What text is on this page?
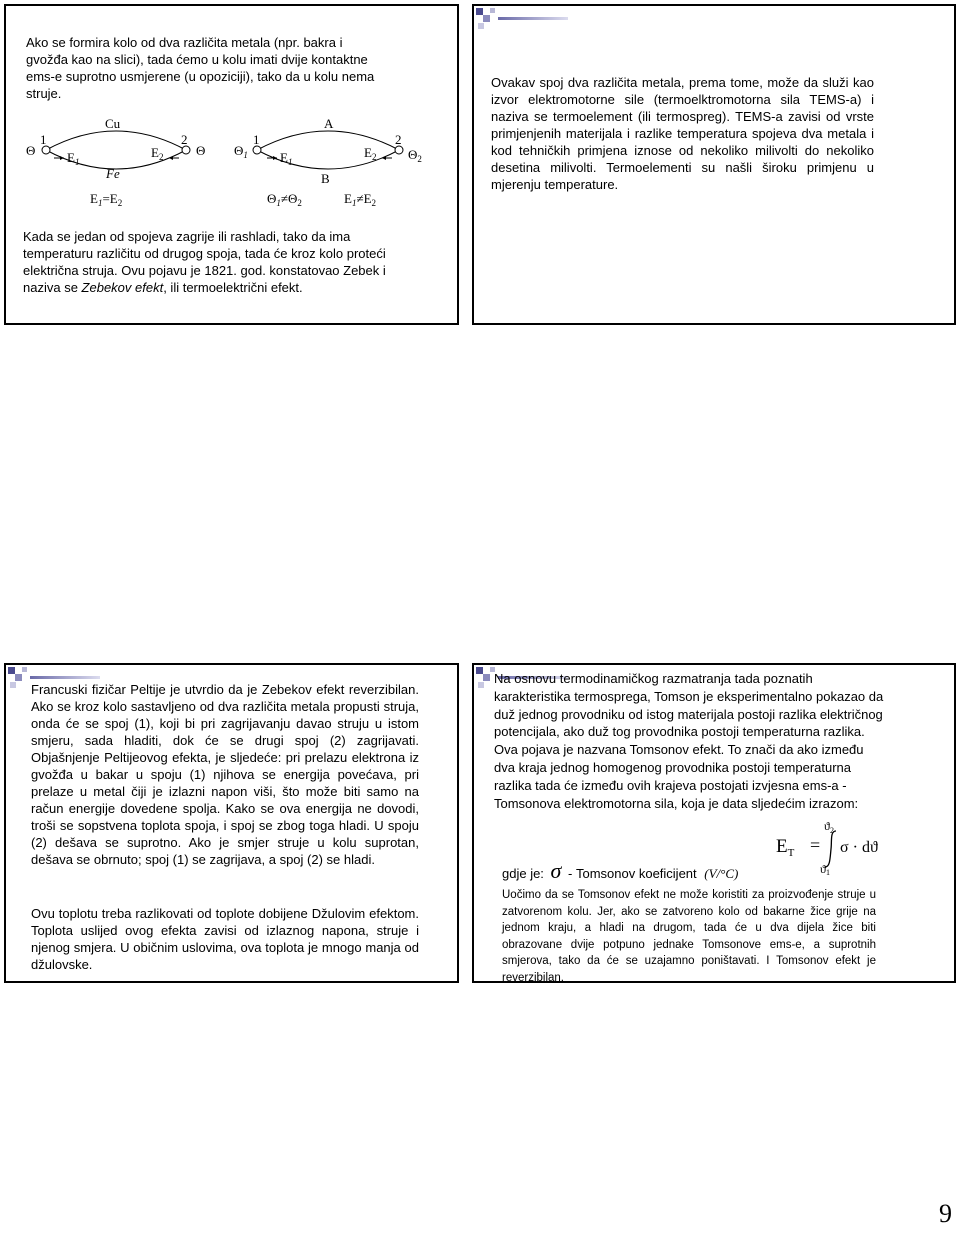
Ako se formira kolo od dva različita metala (npr. bakra i gvožđa kao na slici), tada ćemo u kolu imati dvije kontaktne ems-e suprotno usmjerene (u opoziciji), tako da u kolu nema struje.

Cu
Fe
1	2
Θ	Θ
$E_1$
$E_2$
$E_1=E_2$
A
B
1	2
$\Theta_1$	$\Theta_2$
$E_1$
$E_2$
$\Theta_1\ne\Theta_2$	$E_1\ne E_2$

Kada se jedan od spojeva zagrije ili rashladi, tako da ima temperaturu različitu od drugog spoja, tada će kroz kolo proteći električna struja. Ovu pojavu je 1821. god. konstatovao Zebek i naziva se Zebekov efekt, ili termoelektrični efekt.

Ovakav spoj dva različita metala, prema tome, može da služi kao izvor elektromotorne sile (termoelktromotorna sila TEMS-a) i naziva se termoelement (ili termospreg). TEMS-a zavisi od vrste primjenjenih materijala i razlike temperatura spojeva dva metala i kod tehničkih primjena iznose od nekoliko milivolti do nekoliko desetina milivolti. Termoelementi su našli široku primjenu u mjerenju temperature.

Francuski fizičar Peltije je utvrdio da je Zebekov efekt reverzibilan. Ako se kroz kolo sastavljeno od dva različita metala propusti struja, onda će se spoj (1), koji bi pri zagrijavanju davao struju u istom smjeru, sada hladiti, dok će se drugi spoj (2) zagrijavati. Objašnjenje Peltijeovog efekta, je sljedeće: pri prelazu elektrona iz gvožđa u bakar u spoju (1) njihova se energija povećava, pri prelaze u metal čiji je izlazni napon viši, što može biti samo na račun energije dovedene spolja. Kako se ova energija ne dovodi, troši se sopstvena toplota spoja, i spoj se zbog toga hladi. U spoju (2) dešava se suprotno. Ako je smjer struje u kolu suprotan, dešava se obrnuto; spoj (1) se zagrijava, a spoj (2) se hladi.

Ovu toplotu treba razlikovati od toplote dobijene Džulovim efektom. Toplota uslijed ovog efekta zavisi od izlaznog napona, struje i njenog smjera. U običnim uslovima, ova toplota je mnogo manja od džulovske.

Na osnovu termodinamičkog razmatranja tada poznatih karakteristika termosprega, Tomson je eksperimentalno pokazao da duž jednog provodniku od istog materijala postoji razlika električnog potencijala, ako duž tog provodnika postoji temperaturna razlika. Ova pojava je nazvana Tomsonov efekt. To znači da ako između dva kraja jednog homogenog provodnika postoji temperaturna razlika tada će između ovih krajeva postojati izvjesna ems-a -Tomsonova elektromotorna sila, koja je data sljedećim izrazom:

gdje je: σ - Tomsonov koeficijent (V/°C)

Uočimo da se Tomsonov efekt ne može koristiti za proizvođenje struje u zatvorenom kolu. Jer, ako se zatvoreno kolo od bakarne žice grije na jednom kraju, a hladi na drugom, tada će u dva dijela žice biti obrazovane dvije potpuno jednake Tomsonove ems-e, a suprotnih smjerova, tako da će se uzajamno poništavati. I Tomsonov efekt je reverzibilan.

$E_T$ =
$ϑ_2$
σ · dϑ
ϑ1
9
